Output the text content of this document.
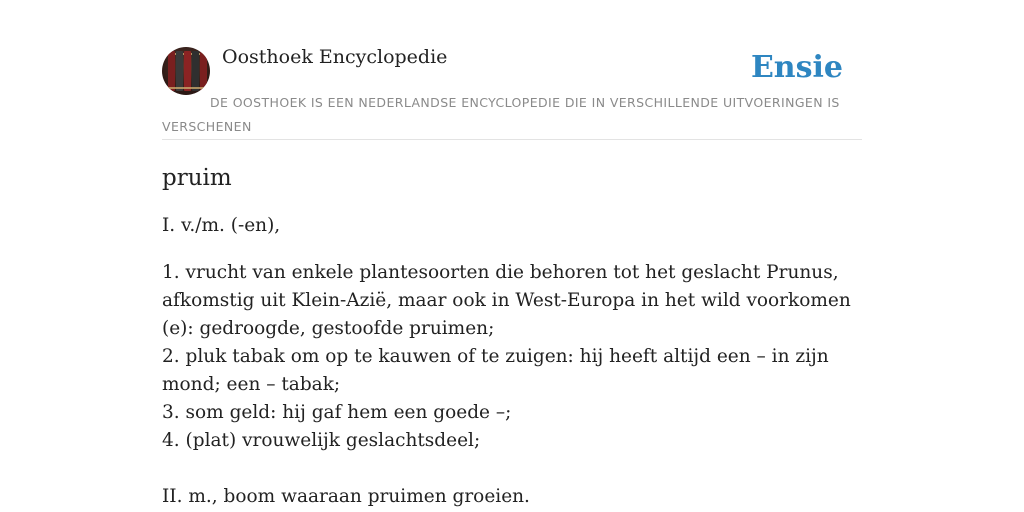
Oosthoek Encyclopedie	Ensie
DE OOSTHOEK IS EEN NEDERLANDSE ENCYCLOPEDIE DIE IN VERSCHILLENDE UITVOERINGEN IS VERSCHENEN
pruim

I. v./m. (-en),

1. vrucht van enkele plantesoorten die behoren tot het geslacht Prunus, afkomstig uit Klein-Azië, maar ook in West-Europa in het wild voorkomen (e): gedroogde, gestoofde pruimen;
2. pluk tabak om op te kauwen of te zuigen: hij heeft altijd een – in zijn mond; een – tabak;
3. som geld: hij gaf hem een goede –;
4. (plat) vrouwelijk geslachtsdeel;
II. m., boom waaraan pruimen groeien.
